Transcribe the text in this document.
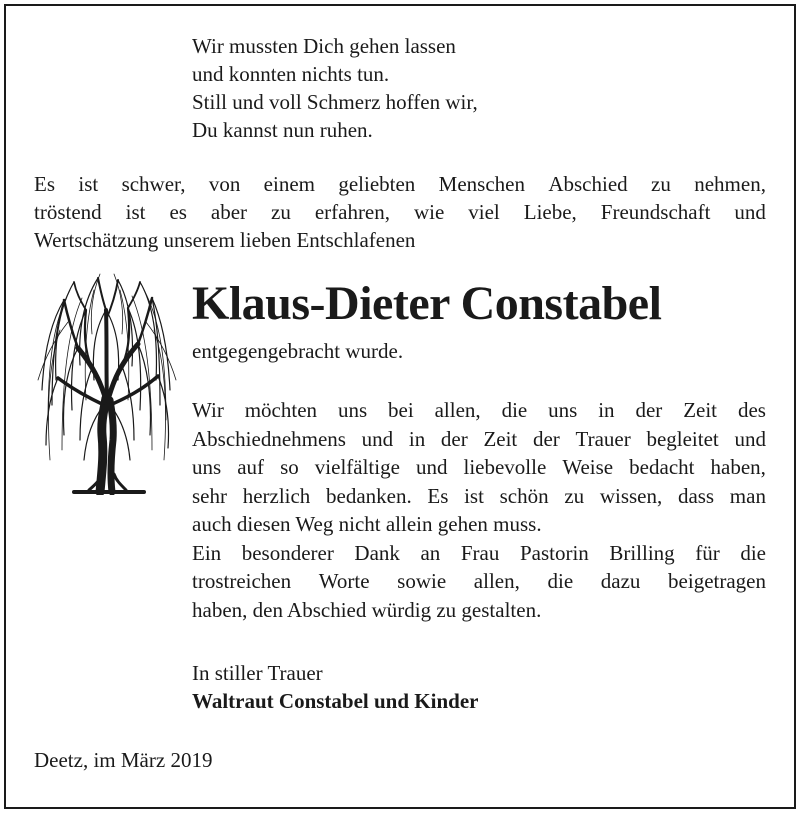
Wir mussten Dich gehen lassen
und konnten nichts tun.
Still und voll Schmerz hoffen wir,
Du kannst nun ruhen.
Es ist schwer, von einem geliebten Menschen Abschied zu nehmen,
tröstend ist es aber zu erfahren, wie viel Liebe, Freundschaft und
Wertschätzung unserem lieben Entschlafenen
Klaus-Dieter Constabel
entgegengebracht wurde.
Wir möchten uns bei allen, die uns in der Zeit des
Abschiednehmens und in der Zeit der Trauer begleitet und
uns auf so vielfältige und liebevolle Weise bedacht haben,
sehr herzlich bedanken. Es ist schön zu wissen, dass man
auch diesen Weg nicht allein gehen muss.
Ein besonderer Dank an Frau Pastorin Brilling für die
trostreichen Worte sowie allen, die dazu beigetragen
haben, den Abschied würdig zu gestalten.
In stiller Trauer
Waltraut Constabel und Kinder
Deetz, im März 2019
